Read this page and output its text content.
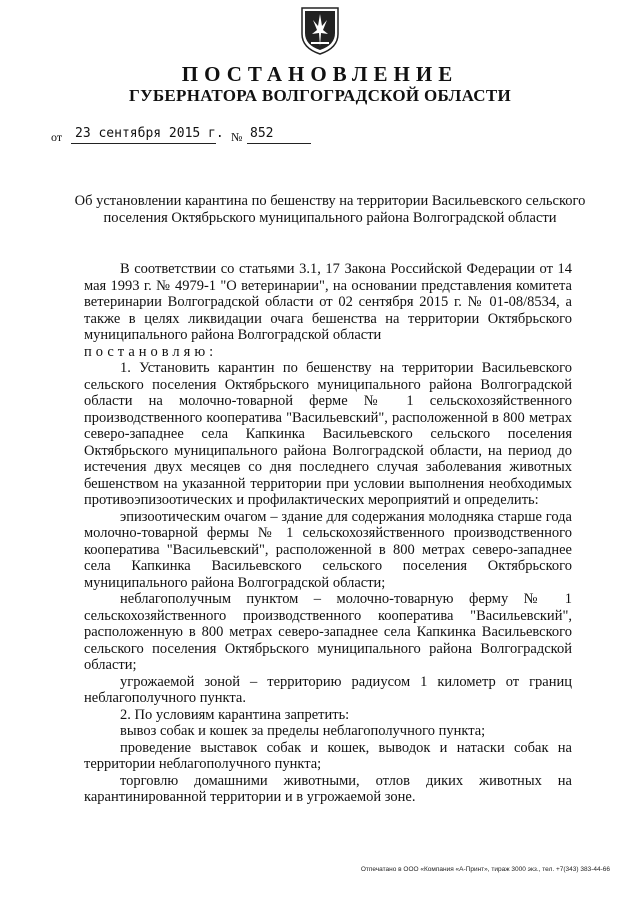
ПОСТАНОВЛЕНИЕ
ГУБЕРНАТОРА ВОЛГОГРАДСКОЙ ОБЛАСТИ
от 23 сентября 2015 г. № 852
Об установлении карантина по бешенству на территории Васильевского сельского поселения Октябрьского муниципального района Волгоградской области

В соответствии со статьями 3.1, 17 Закона Российской Федерации от 14 мая 1993 г. № 4979-1 "О ветеринарии", на основании представления комитета ветеринарии Волгоградской области от 02 сентября 2015 г. № 01-08/8534, а также в целях ликвидации очага бешенства на территории Октябрьского муниципального района Волгоградской области

постановляю:

1. Установить карантин по бешенству на территории Васильевского сельского поселения Октябрьского муниципального района Волгоградской области на молочно-товарной ферме № 1 сельскохозяйственного производственного кооператива "Васильевский", расположенной в 800 метрах северо-западнее села Капкинка Васильевского сельского поселения Октябрьского муниципального района Волгоградской области, на период до истечения двух месяцев со дня последнего случая заболевания животных бешенством на указанной территории при условии выполнения необходимых противоэпизоотических и профилактических мероприятий и определить:

эпизоотическим очагом – здание для содержания молодняка старше года молочно-товарной фермы № 1 сельскохозяйственного производственного кооператива "Васильевский", расположенной в 800 метрах северо-западнее села Капкинка Васильевского сельского поселения Октябрьского муниципального района Волгоградской области;

неблагополучным пунктом – молочно-товарную ферму № 1 сельскохозяйственного производственного кооператива "Васильевский", расположенную в 800 метрах северо-западнее села Капкинка Васильевского сельского поселения Октябрьского муниципального района Волгоградской области;

угрожаемой зоной – территорию радиусом 1 километр от границ неблагополучного пункта.

2. По условиям карантина запретить:

вывоз собак и кошек за пределы неблагополучного пункта;

проведение выставок собак и кошек, выводок и натаски собак на территории неблагополучного пункта;

торговлю домашними животными, отлов диких животных на карантинированной территории и в угрожаемой зоне.

Отпечатано в ООО «Компания «А-Принт», тираж 3000 экз., тел. +7(343) 383-44-66
